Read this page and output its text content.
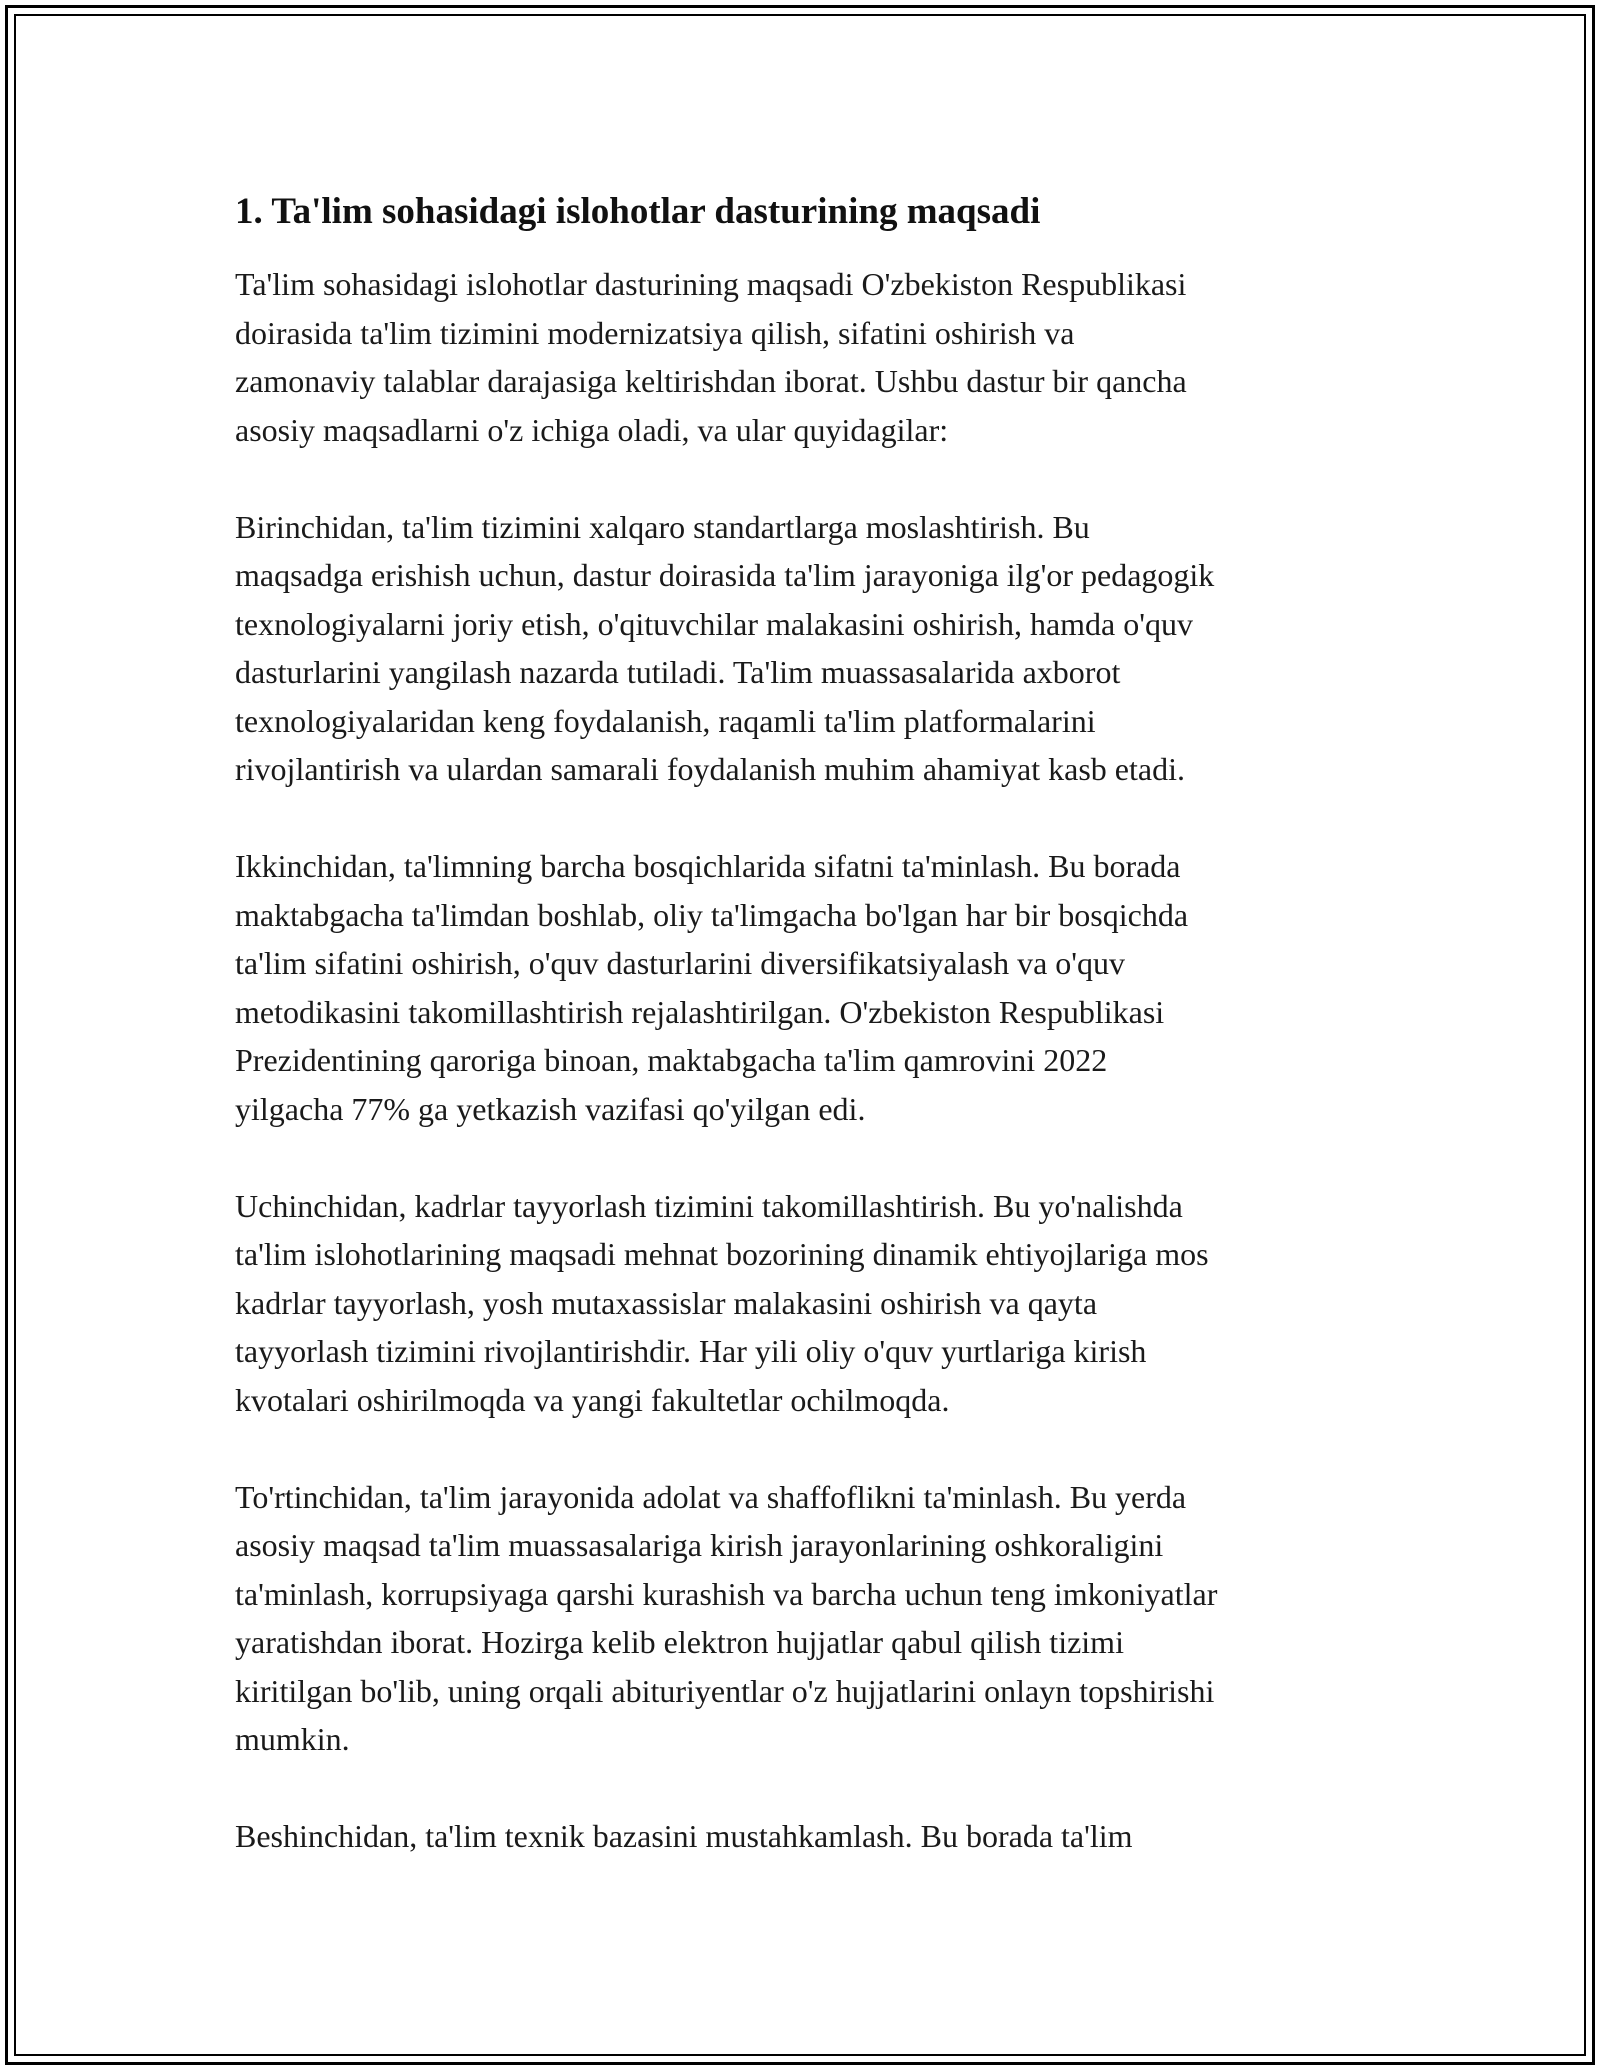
1. Ta'lim sohasidagi islohotlar dasturining maqsadi

Ta'lim sohasidagi islohotlar dasturining maqsadi O'zbekiston Respublikasi
doirasida ta'lim tizimini modernizatsiya qilish, sifatini oshirish va
zamonaviy talablar darajasiga keltirishdan iborat. Ushbu dastur bir qancha
asosiy maqsadlarni o'z ichiga oladi, va ular quyidagilar:

Birinchidan, ta'lim tizimini xalqaro standartlarga moslashtirish. Bu
maqsadga erishish uchun, dastur doirasida ta'lim jarayoniga ilg'or pedagogik
texnologiyalarni joriy etish, o'qituvchilar malakasini oshirish, hamda o'quv
dasturlarini yangilash nazarda tutiladi. Ta'lim muassasalarida axborot
texnologiyalaridan keng foydalanish, raqamli ta'lim platformalarini
rivojlantirish va ulardan samarali foydalanish muhim ahamiyat kasb etadi.

Ikkinchidan, ta'limning barcha bosqichlarida sifatni ta'minlash. Bu borada
maktabgacha ta'limdan boshlab, oliy ta'limgacha bo'lgan har bir bosqichda
ta'lim sifatini oshirish, o'quv dasturlarini diversifikatsiyalash va o'quv
metodikasini takomillashtirish rejalashtirilgan. O'zbekiston Respublikasi
Prezidentining qaroriga binoan, maktabgacha ta'lim qamrovini 2022
yilgacha 77% ga yetkazish vazifasi qo'yilgan edi.

Uchinchidan, kadrlar tayyorlash tizimini takomillashtirish. Bu yo'nalishda
ta'lim islohotlarining maqsadi mehnat bozorining dinamik ehtiyojlariga mos
kadrlar tayyorlash, yosh mutaxassislar malakasini oshirish va qayta
tayyorlash tizimini rivojlantirishdir. Har yili oliy o'quv yurtlariga kirish
kvotalari oshirilmoqda va yangi fakultetlar ochilmoqda.

To'rtinchidan, ta'lim jarayonida adolat va shaffoflikni ta'minlash. Bu yerda
asosiy maqsad ta'lim muassasalariga kirish jarayonlarining oshkoraligini
ta'minlash, korrupsiyaga qarshi kurashish va barcha uchun teng imkoniyatlar
yaratishdan iborat. Hozirga kelib elektron hujjatlar qabul qilish tizimi
kiritilgan bo'lib, uning orqali abituriyentlar o'z hujjatlarini onlayn topshirishi
mumkin.

Beshinchidan, ta'lim texnik bazasini mustahkamlash. Bu borada ta'lim
